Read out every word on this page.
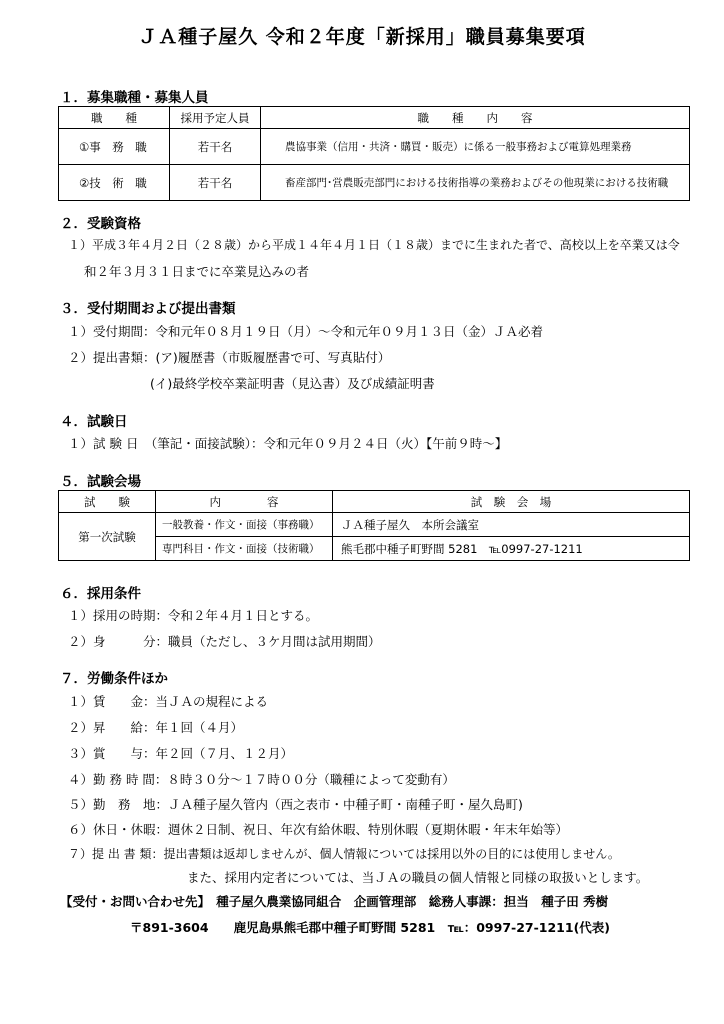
ＪＡ種子屋久 令和２年度「新採用」職員募集要項
１．募集職種・募集人員
職　　種	採用予定人員	職　　種　　内　　容
①事　務　職	若干名	農協事業（信用・共済・購買・販売）に係る一般事務および電算処理業務
②技　術　職	若干名	畜産部門･営農販売部門における技術指導の業務およびその他現業における技術職
２．受験資格
１）平成３年４月２日（２８歳）から平成１４年４月１日（１８歳）までに生まれた者で、高校以上を卒業又は令
和２年３月３１日までに卒業見込みの者
３．受付期間および提出書類
１）受付期間：令和元年０８月１９日（月）～令和元年０９月１３日（金）ＪＡ必着
２）提出書類：(ア)履歴書（市販履歴書で可、写真貼付）
(イ)最終学校卒業証明書（見込書）及び成績証明書
４．試験日
１）試 験 日　（筆記・面接試験）：令和元年０９月２４日（火）【午前９時～】
５．試験会場
試　　験	内　　　　容	試　験　会　場
第一次試験	一般教養・作文・面接（事務職）	ＪＡ種子屋久　本所会議室
	専門科目・作文・面接（技術職）	熊毛郡中種子町野間 5281　℡0997-27-1211
６．採用条件
１）採用の時期：令和２年４月１日とする。
２）身　　　分：職員（ただし、３ケ月間は試用期間）
７．労働条件ほか
１）賃　　金：当ＪＡの規程による
２）昇　　給：年１回（４月）
３）賞　　与：年２回（７月、１２月）
４）勤 務 時 間：８時３０分～１７時００分（職種によって変動有）
５）勤　務　地：ＪＡ種子屋久管内（西之表市・中種子町・南種子町・屋久島町)
６）休日・休暇：週休２日制、祝日、年次有給休暇、特別休暇（夏期休暇・年末年始等）
７）提 出 書 類：提出書類は返却しませんが、個人情報については採用以外の目的には使用しません。
また、採用内定者については、当ＪＡの職員の個人情報と同様の取扱いとします。
【受付・お問い合わせ先】　種子屋久農業協同組合　企画管理部　総務人事課：担当　種子田 秀樹
〒891-3604　　鹿児島県熊毛郡中種子町野間 5281　℡：0997-27-1211(代表)
